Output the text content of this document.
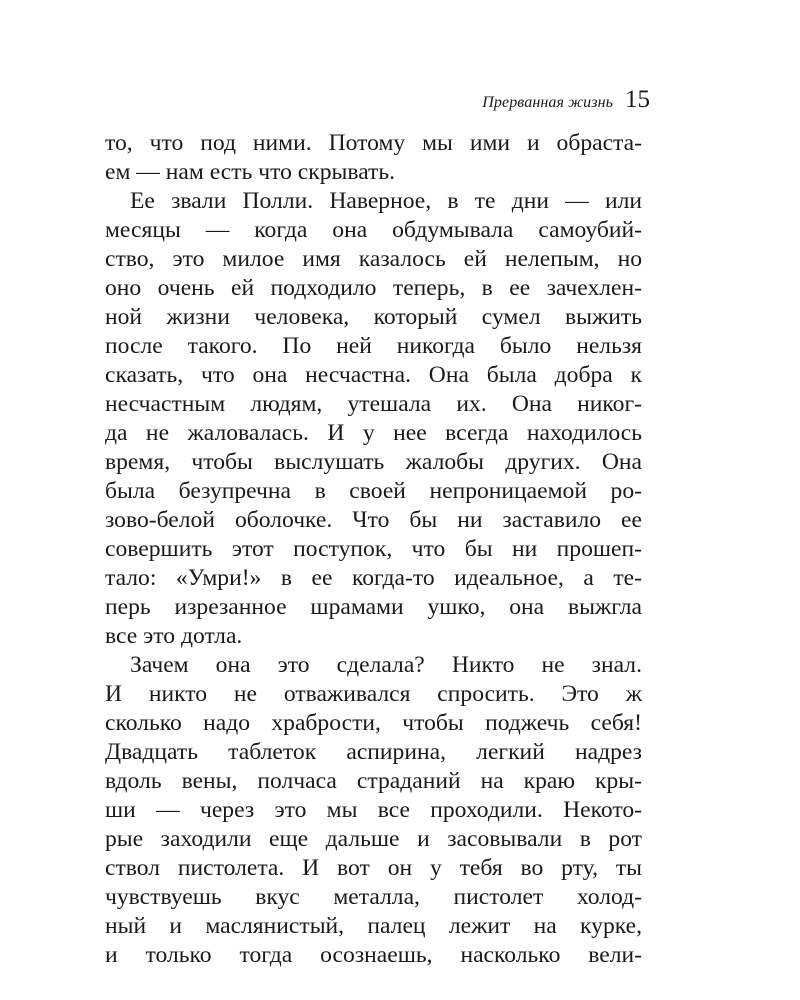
Прерванная жизнь 15
то, что под ними. Потому мы ими и обраста-
ем — нам есть что скрывать.
Ее звали Полли. Наверное, в те дни — или
месяцы — когда она обдумывала самоубий-
ство, это милое имя казалось ей нелепым, но
оно очень ей подходило теперь, в ее зачехлен-
ной жизни человека, который сумел выжить
после такого. По ней никогда было нельзя
сказать, что она несчастна. Она была добра к
несчастным людям, утешала их. Она никог-
да не жаловалась. И у нее всегда находилось
время, чтобы выслушать жалобы других. Она
была безупречна в своей непроницаемой ро-
зово-белой оболочке. Что бы ни заставило ее
совершить этот поступок, что бы ни прошеп-
тало: «Умри!» в ее когда-то идеальное, а те-
перь изрезанное шрамами ушко, она выжгла
все это дотла.
Зачем она это сделала? Никто не знал.
И никто не отваживался спросить. Это ж
сколько надо храбрости, чтобы поджечь себя!
Двадцать таблеток аспирина, легкий надрез
вдоль вены, полчаса страданий на краю кры-
ши — через это мы все проходили. Некото-
рые заходили еще дальше и засовывали в рот
ствол пистолета. И вот он у тебя во рту, ты
чувствуешь вкус металла, пистолет холод-
ный и маслянистый, палец лежит на курке,
и только тогда осознаешь, насколько вели-
